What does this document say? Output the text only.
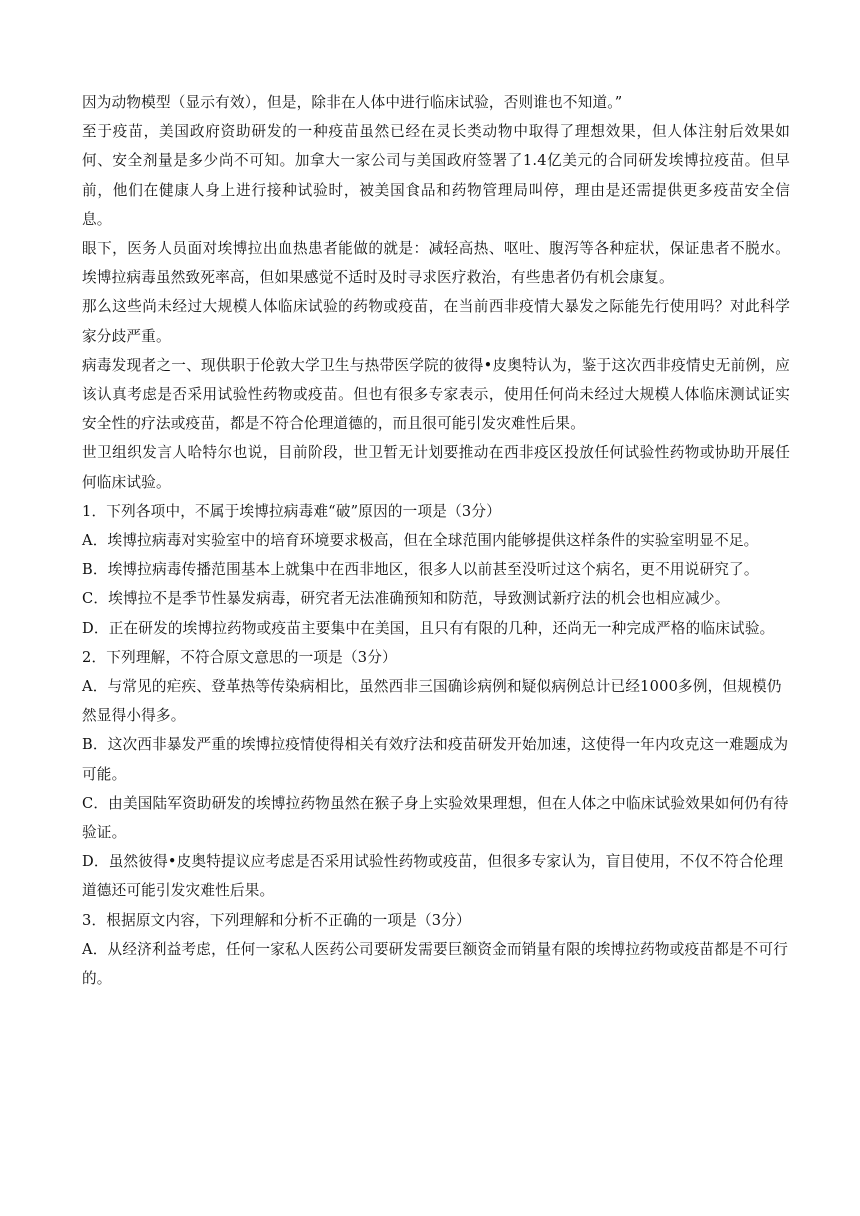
因为动物模型（显示有效），但是，除非在人体中进行临床试验，否则谁也不知道。”

至于疫苗，美国政府资助研发的一种疫苗虽然已经在灵长类动物中取得了理想效果，但人体注射后效果如何、安全剂量是多少尚不可知。加拿大一家公司与美国政府签署了1.4亿美元的合同研发埃博拉疫苗。但早前，他们在健康人身上进行接种试验时，被美国食品和药物管理局叫停，理由是还需提供更多疫苗安全信息。

眼下，医务人员面对埃博拉出血热患者能做的就是：减轻高热、呕吐、腹泻等各种症状，保证患者不脱水。埃博拉病毒虽然致死率高，但如果感觉不适时及时寻求医疗救治，有些患者仍有机会康复。

那么这些尚未经过大规模人体临床试验的药物或疫苗，在当前西非疫情大暴发之际能先行使用吗？对此科学家分歧严重。

病毒发现者之一、现供职于伦敦大学卫生与热带医学院的彼得•皮奥特认为，鉴于这次西非疫情史无前例，应该认真考虑是否采用试验性药物或疫苗。但也有很多专家表示，使用任何尚未经过大规模人体临床测试证实安全性的疗法或疫苗，都是不符合伦理道德的，而且很可能引发灾难性后果。

世卫组织发言人哈特尔也说，目前阶段，世卫暂无计划要推动在西非疫区投放任何试验性药物或协助开展任何临床试验。

1．下列各项中，不属于埃博拉病毒难“破”原因的一项是（3分）

A．埃博拉病毒对实验室中的培育环境要求极高，但在全球范围内能够提供这样条件的实验室明显不足。

B．埃博拉病毒传播范围基本上就集中在西非地区，很多人以前甚至没听过这个病名，更不用说研究了。

C．埃博拉不是季节性暴发病毒，研究者无法准确预知和防范，导致测试新疗法的机会也相应减少。

D．正在研发的埃博拉药物或疫苗主要集中在美国，且只有有限的几种，还尚无一种完成严格的临床试验。

2．下列理解，不符合原文意思的一项是（3分）

A．与常见的疟疾、登革热等传染病相比，虽然西非三国确诊病例和疑似病例总计已经1000多例，但规模仍然显得小得多。

B．这次西非暴发严重的埃博拉疫情使得相关有效疗法和疫苗研发开始加速，这使得一年内攻克这一难题成为可能。

C．由美国陆军资助研发的埃博拉药物虽然在猴子身上实验效果理想，但在人体之中临床试验效果如何仍有待验证。

D．虽然彼得•皮奥特提议应考虑是否采用试验性药物或疫苗，但很多专家认为，盲目使用，不仅不符合伦理道德还可能引发灾难性后果。

3．根据原文内容，下列理解和分析不正确的一项是（3分）

A．从经济利益考虑，任何一家私人医药公司要研发需要巨额资金而销量有限的埃博拉药物或疫苗都是不可行的。
